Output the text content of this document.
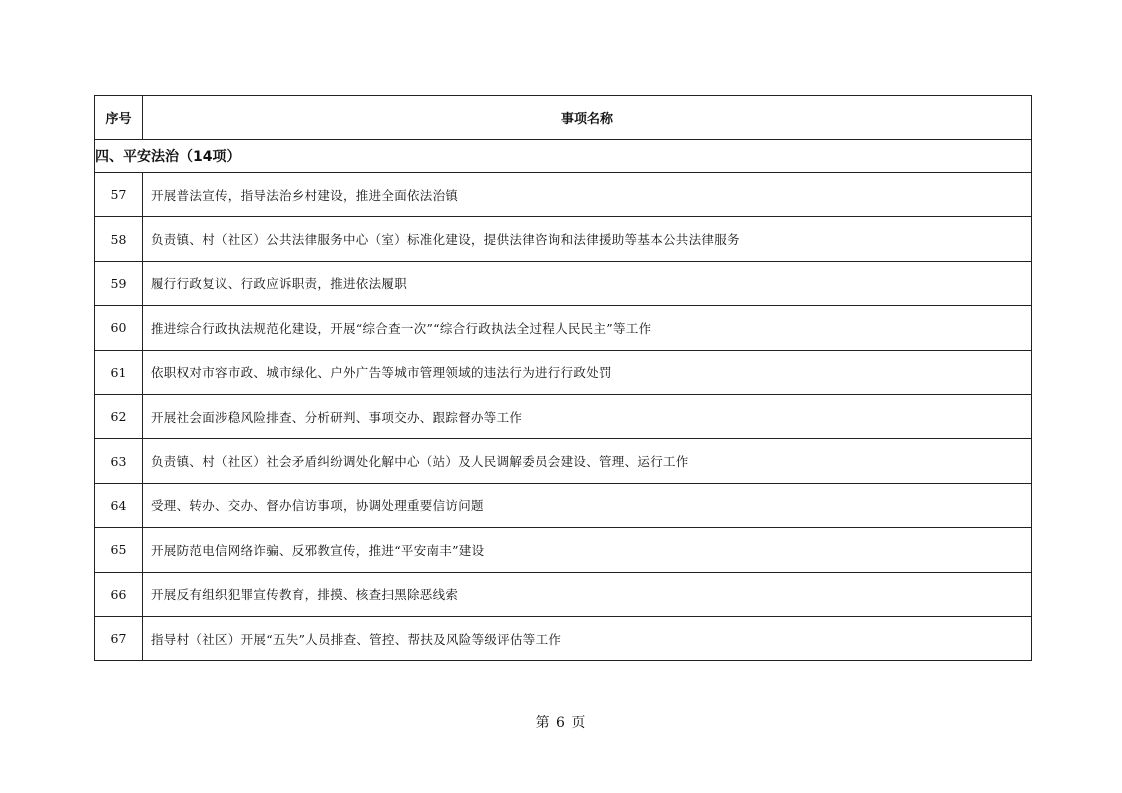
序号	事项名称
四、平安法治（14项）	
57	开展普法宣传，指导法治乡村建设，推进全面依法治镇
58	负责镇、村（社区）公共法律服务中心（室）标准化建设，提供法律咨询和法律援助等基本公共法律服务
59	履行行政复议、行政应诉职责，推进依法履职
60	推进综合行政执法规范化建设，开展“综合查一次”“综合行政执法全过程人民民主”等工作
61	依职权对市容市政、城市绿化、户外广告等城市管理领域的违法行为进行行政处罚
62	开展社会面涉稳风险排查、分析研判、事项交办、跟踪督办等工作
63	负责镇、村（社区）社会矛盾纠纷调处化解中心（站）及人民调解委员会建设、管理、运行工作
64	受理、转办、交办、督办信访事项，协调处理重要信访问题
65	开展防范电信网络诈骗、反邪教宣传，推进“平安南丰”建设
66	开展反有组织犯罪宣传教育，排摸、核查扫黑除恶线索
67	指导村（社区）开展“五失”人员排查、管控、帮扶及风险等级评估等工作
第 6 页
